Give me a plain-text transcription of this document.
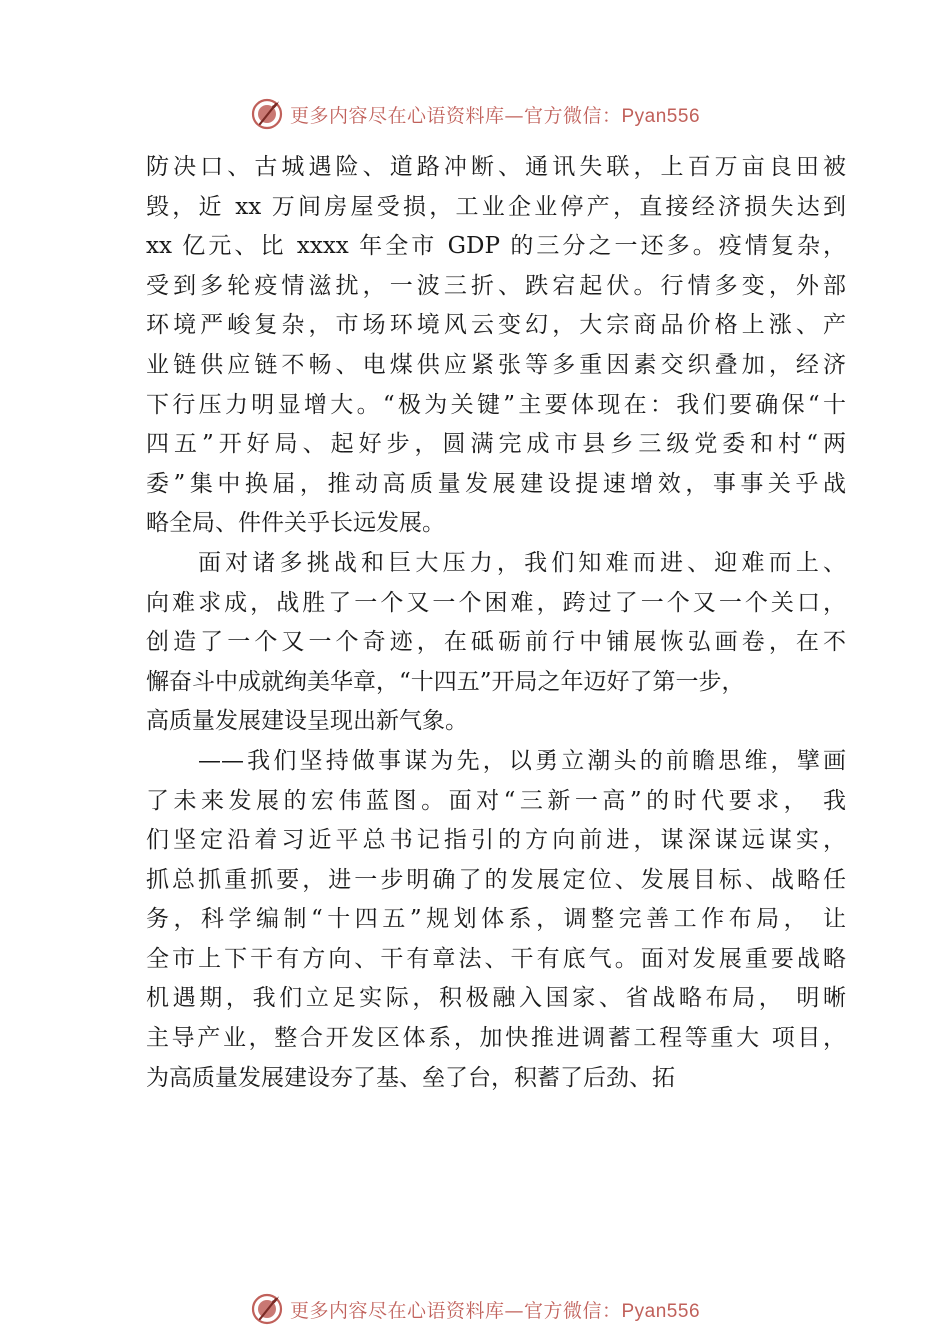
更多内容尽在心语资料库—官方微信：Pyan556
防决口、古城遇险、道路冲断、通讯失联，上百万亩良田被
毁，近 xx 万间房屋受损，工业企业停产，直接经济损失达到
xx 亿元、比 xxxx 年全市 GDP 的三分之一还多。疫情复杂，
受到多轮疫情滋扰，一波三折、跌宕起伏。行情多变，外部
环境严峻复杂，市场环境风云变幻，大宗商品价格上涨、产
业链供应链不畅、电煤供应紧张等多重因素交织叠加，经济
下行压力明显增大。“极为关键”主要体现在：我们要确保“十
四五”开好局、起好步，圆满完成市县乡三级党委和村“两
委”集中换届，推动高质量发展建设提速增效，事事关乎战
略全局、件件关乎长远发展。
面对诸多挑战和巨大压力，我们知难而进、迎难而上、
向难求成，战胜了一个又一个困难，跨过了一个又一个关口，
创造了一个又一个奇迹，在砥砺前行中铺展恢弘画卷，在不
懈奋斗中成就绚美华章，“十四五”开局之年迈好了第一步，
高质量发展建设呈现出新气象。
——我们坚持做事谋为先，以勇立潮头的前瞻思维，擘画
了未来发展的宏伟蓝图。面对“三新一高”的时代要求， 我
们坚定沿着习近平总书记指引的方向前进，谋深谋远谋实，
抓总抓重抓要，进一步明确了的发展定位、发展目标、战略任
务，科学编制“十四五”规划体系，调整完善工作布局， 让
全市上下干有方向、干有章法、干有底气。面对发展重要战略
机遇期，我们立足实际，积极融入国家、省战略布局， 明晰
主导产业，整合开发区体系，加快推进调蓄工程等重大 项目，
为高质量发展建设夯了基、垒了台，积蓄了后劲、拓
更多内容尽在心语资料库—官方微信：Pyan556
